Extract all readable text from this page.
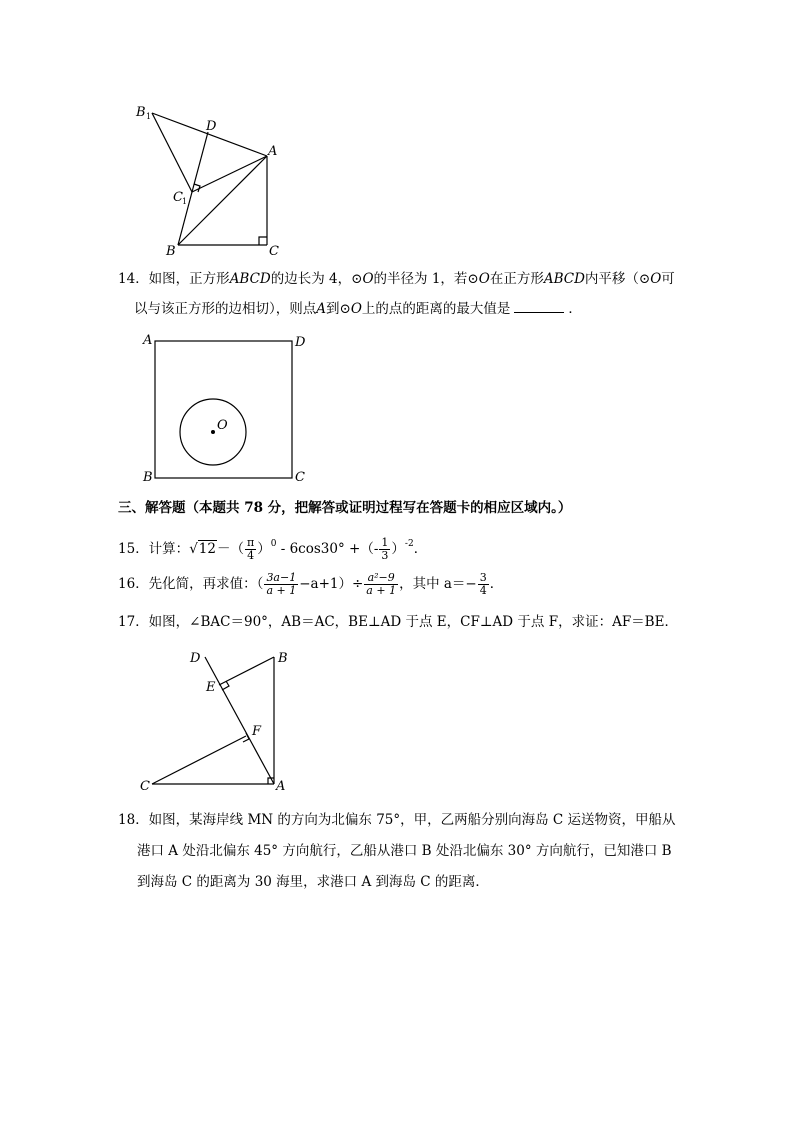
B 1
D
A
C 1
B	C
14．如图，正方形ABCD的边长为 4，⊙O的半径为 1，若⊙O在正方形ABCD内平移（⊙O可
以与该正方形的边相切），则点A到⊙O上的点的距离的最大值是	．
A	D
B	C
O
三、解答题（本题共 78 分，把解答或证明过程写在答题卡的相应区域内。）
15．计算：$√12-( \frac{\pi}{4} )^0 - 6\cos 30^\circ$ +（- $\frac{1}{3} )^{-2}$．
16．先化简，再求值：（ $\frac{3a-1}{a + 1} -a+1)\div \frac{\text{a²−9}}{a + 1}$ ，其中 $a=- \frac{3}{4}$ ．
17．如图，∠BAC＝90°，AB＝AC，BE⊥AD 于点 E，CF⊥AD 于点 F，求证：AF＝BE．
D	B
E
F
C	A
18．如图，某海岸线 MN 的方向为北偏东 75°，甲，乙两船分别向海岛 C 运送物资，甲船从
港口 A 处沿北偏东 45° 方向航行，乙船从港口 B 处沿北偏东 30° 方向航行，已知港口 B
到海岛 C 的距离为 30 海里，求港口 A 到海岛 C 的距离．
